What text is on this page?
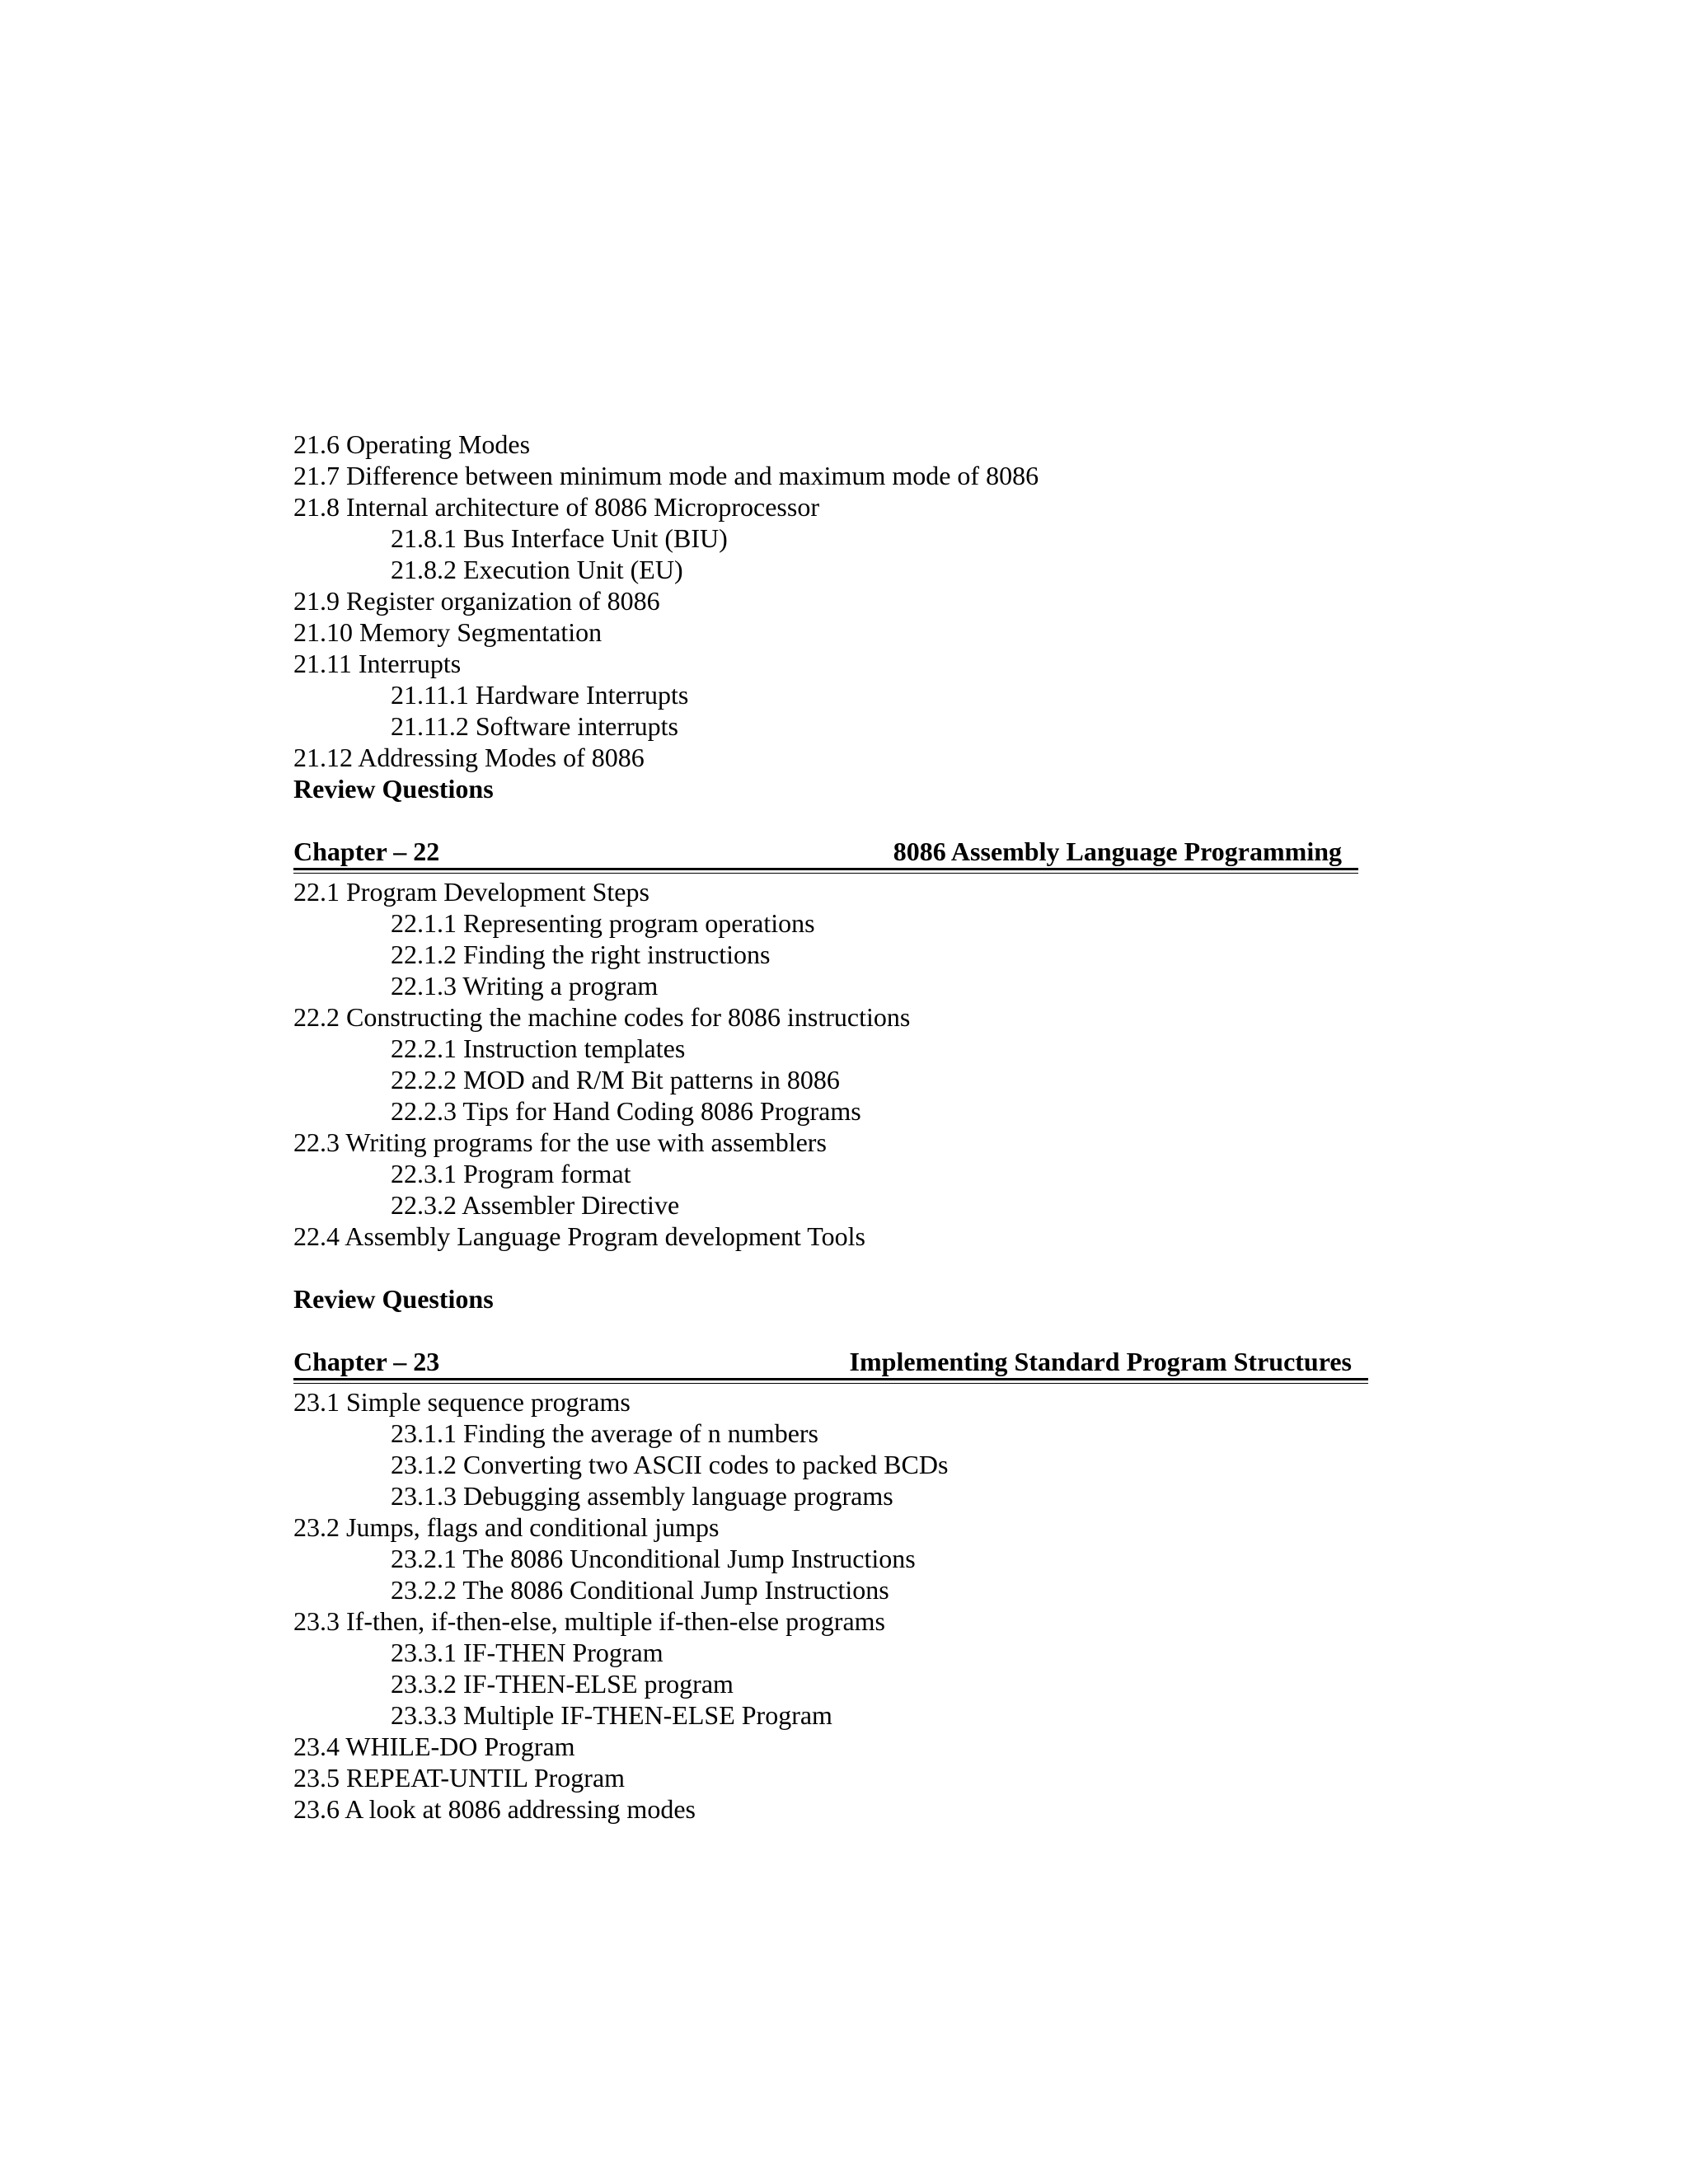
21.6 Operating Modes
21.7 Difference between minimum mode and maximum mode of 8086
21.8 Internal architecture of 8086 Microprocessor
21.8.1 Bus Interface Unit (BIU)
21.8.2 Execution Unit (EU)
21.9 Register organization of 8086
21.10 Memory Segmentation
21.11 Interrupts
21.11.1 Hardware Interrupts
21.11.2 Software interrupts
21.12 Addressing Modes of 8086
Review Questions
Chapter – 22	8086 Assembly Language Programming
22.1 Program Development Steps
22.1.1 Representing program operations
22.1.2 Finding the right instructions
22.1.3 Writing a program
22.2 Constructing the machine codes for 8086 instructions
22.2.1 Instruction templates
22.2.2 MOD and R/M Bit patterns in 8086
22.2.3 Tips for Hand Coding 8086 Programs
22.3 Writing programs for the use with assemblers
22.3.1 Program format
22.3.2 Assembler Directive
22.4 Assembly Language Program development Tools
Review Questions
Chapter – 23	Implementing Standard Program Structures
23.1 Simple sequence programs
23.1.1 Finding the average of n numbers
23.1.2 Converting two ASCII codes to packed BCDs
23.1.3 Debugging assembly language programs
23.2 Jumps, flags and conditional jumps
23.2.1 The 8086 Unconditional Jump Instructions
23.2.2 The 8086 Conditional Jump Instructions
23.3 If-then, if-then-else, multiple if-then-else programs
23.3.1 IF-THEN Program
23.3.2 IF-THEN-ELSE program
23.3.3 Multiple IF-THEN-ELSE Program
23.4 WHILE-DO Program
23.5 REPEAT-UNTIL Program
23.6 A look at 8086 addressing modes
